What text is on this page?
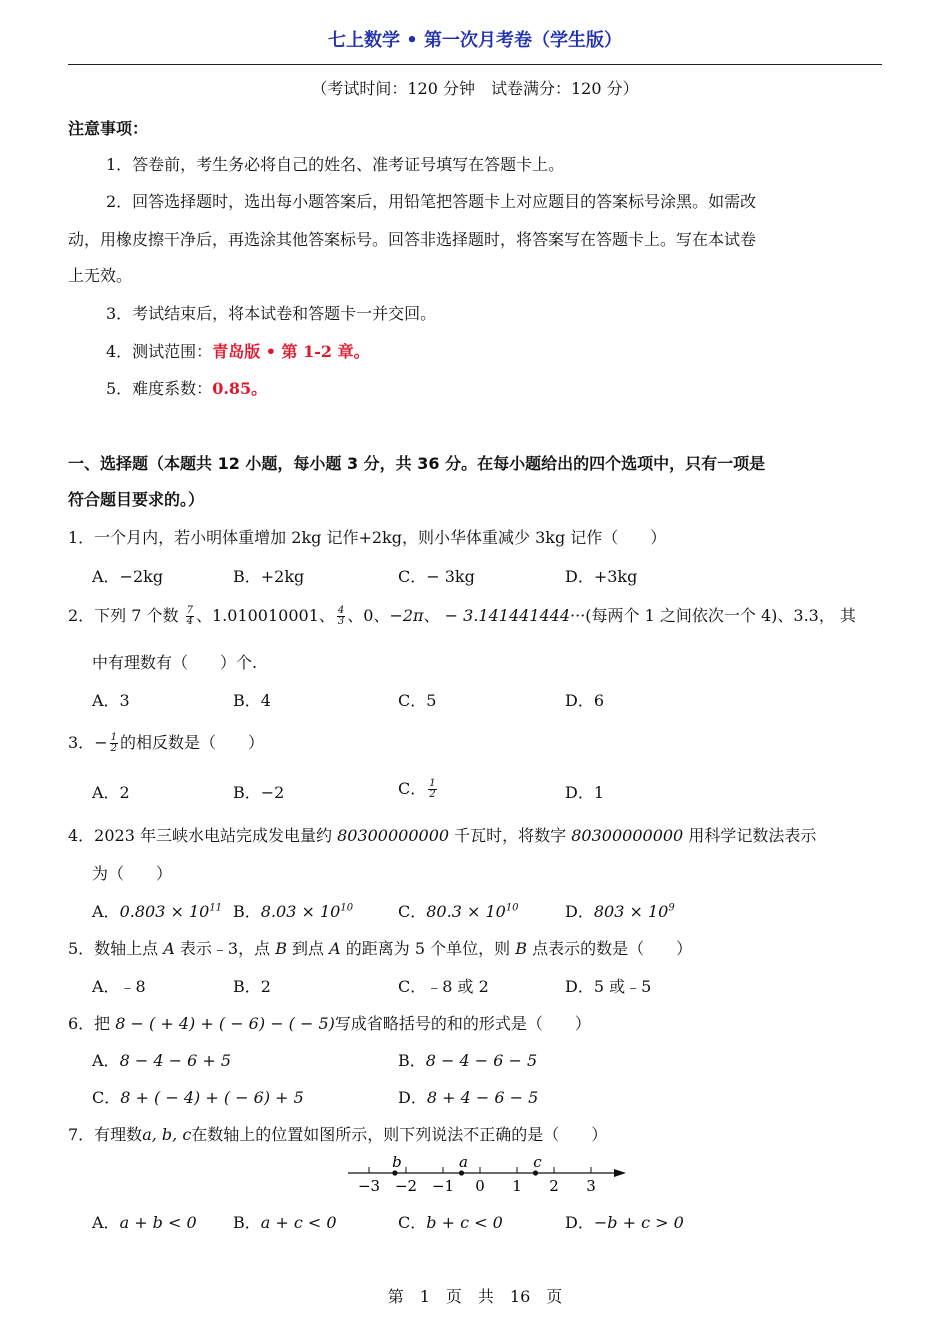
七上数学 • 第一次月考卷（学生版）
（考试时间：120 分钟　试卷满分：120 分）
注意事项：
1．答卷前，考生务必将自己的姓名、准考证号填写在答题卡上。
2．回答选择题时，选出每小题答案后，用铅笔把答题卡上对应题目的答案标号涂黑。如需改
动，用橡皮擦干净后，再选涂其他答案标号。回答非选择题时，将答案写在答题卡上。写在本试卷
上无效。
3．考试结束后，将本试卷和答题卡一并交回。
4．测试范围：青岛版 • 第 1-2 章。
5．难度系数：0.85。
一、选择题（本题共 12 小题，每小题 3 分，共 36 分。在每小题给出的四个选项中，只有一项是
符合题目要求的。）
1．一个月内，若小明体重增加 2kg 记作+2kg，则小华体重减少 3kg 记作（　　）
A．−2kg	B．+2kg	C．− 3kg	D．+3kg
2．下列 7 个数 $\frac{7}{4}$ 、1.010010001、 $\frac{4}{3}$ 、0、−2π、 − 3.141441444···(每两个 1 之间依次一个 4)、3.3， 其
中有理数有（　　）个.
A．3	B．4	C．5	D．6
3．− $\frac{1}{2}$ 的相反数是（　　）
A．2	B．−2	C． $\frac{1}{2}$	D．1
4．2023 年三峡水电站完成发电量约 80300000000 千瓦时，将数字 80300000000 用科学记数法表示
为（　　）
A．$0.803 \times 10^{11}$ B．$8.03 \times 10^{10}$	C．$80.3 \times 10^{10}$	D．$803 \times 10^9$
5．数轴上点 A 表示﹣3，点 B 到点 A 的距离为 5 个单位，则 B 点表示的数是（　　）
A．﹣8	B．2	C．﹣8 或 2	D．5 或﹣5
6．把 8 − ( + 4) + ( − 6) − ( − 5)写成省略括号的和的形式是（　　）
A．8 − 4 − 6 + 5	B．8 − 4 − 6 − 5
C．8 + ( − 4) + ( − 6) + 5	D．8 + 4 − 6 − 5
7．有理数a, b, c在数轴上的位置如图所示，则下列说法不正确的是（　　）
−3 −2 −1 0 1 2 3
b	a	c
A．a + b < 0 B．a + c < 0	C．b + c < 0	D．−b + c > 0
第　1　页　共　16　页
